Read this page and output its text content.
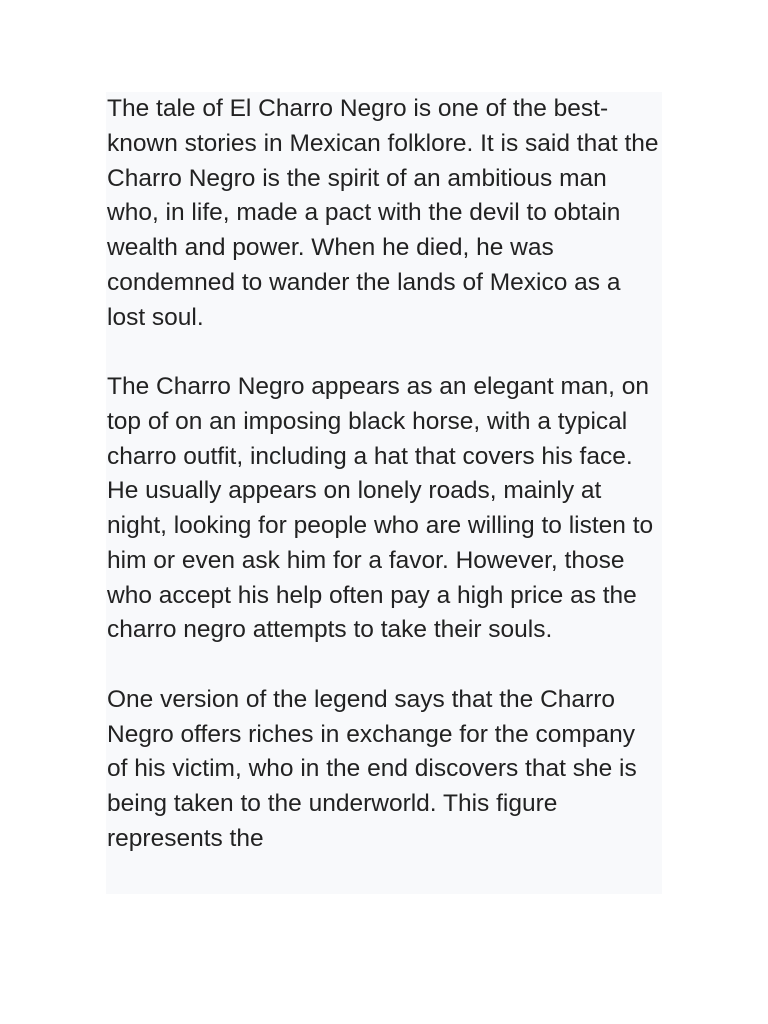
The tale of El Charro Negro is one of the best-known stories in Mexican folklore. It is said that the Charro Negro is the spirit of an ambitious man who, in life, made a pact with the devil to obtain wealth and power. When he died, he was condemned to wander the lands of Mexico as a lost soul.

The Charro Negro appears as an elegant man, on top of on an imposing black horse, with a typical charro outfit, including a hat that covers his face. He usually appears on lonely roads, mainly at night, looking for people who are willing to listen to him or even ask him for a favor. However, those who accept his help often pay a high price as the charro negro attempts to take their souls.

One version of the legend says that the Charro Negro offers riches in exchange for the company of his victim, who in the end discovers that she is being taken to the underworld. This figure represents the
